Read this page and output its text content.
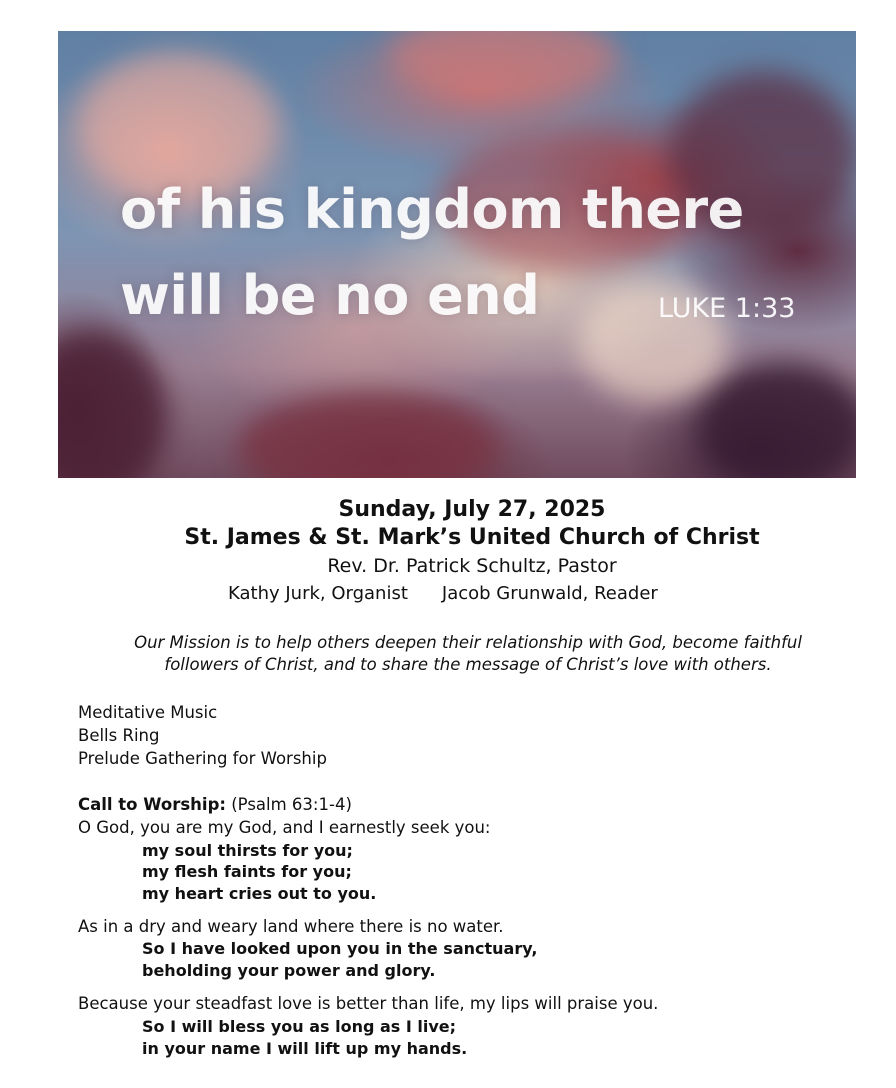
of his kingdom there
will be no end	LUKE 1:33
Sunday, July 27, 2025
St. James & St. Mark’s United Church of Christ
Rev. Dr. Patrick Schultz, Pastor
Kathy Jurk, Organist Jacob Grunwald, Reader
Our Mission is to help others deepen their relationship with God, become faithful
followers of Christ, and to share the message of Christ’s love with others.
Meditative Music
Bells Ring
Prelude Gathering for Worship
Call to Worship: (Psalm 63:1-4)
O God, you are my God, and I earnestly seek you:
my soul thirsts for you;
my flesh faints for you;
my heart cries out to you.
As in a dry and weary land where there is no water.
So I have looked upon you in the sanctuary,
beholding your power and glory.
Because your steadfast love is better than life, my lips will praise you.
So I will bless you as long as I live;
in your name I will lift up my hands.
